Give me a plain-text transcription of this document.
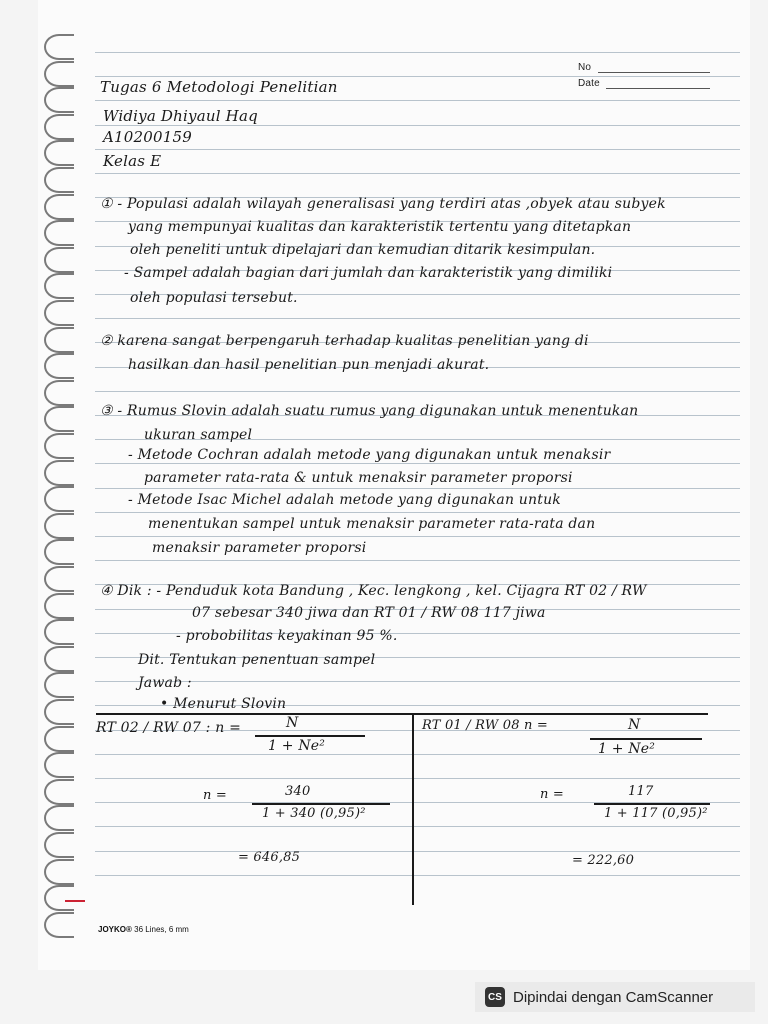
No
Date
Tugas 6 Metodologi Penelitian
Widiya Dhiyaul Haq
A10200159
Kelas E
① - Populasi adalah wilayah generalisasi yang terdiri atas ,obyek atau subyek
yang mempunyai kualitas dan karakteristik tertentu yang ditetapkan
oleh peneliti untuk dipelajari dan kemudian ditarik kesimpulan.
- Sampel adalah bagian dari jumlah dan karakteristik yang dimiliki
oleh populasi tersebut.
② karena sangat berpengaruh terhadap kualitas penelitian yang di
hasilkan dan hasil penelitian pun menjadi akurat.
③ - Rumus Slovin adalah suatu rumus yang digunakan untuk menentukan
ukuran sampel
- Metode Cochran adalah metode yang digunakan untuk menaksir
parameter rata-rata & untuk menaksir parameter proporsi
- Metode Isac Michel adalah metode yang digunakan untuk
menentukan sampel untuk menaksir parameter rata-rata dan
menaksir parameter proporsi
④ Dik : - Penduduk kota Bandung , Kec. lengkong , kel. Cijagra RT 02 / RW
07 sebesar 340 jiwa dan RT 01 / RW 08 117 jiwa
- probobilitas keyakinan 95 %.
Dit. Tentukan penentuan sampel
Jawab :
• Menurut Slovin
RT 02 / RW 07 : n =	N
1 + Ne²
n =	340
1 + 340 (0,95)²
= 646,85
RT 01 / RW 08 n =	N
1 + Ne²
n =	117
1 + 117 (0,95)²
= 222,60
JOYKO® 36 Lines, 6 mm
CS Dipindai dengan CamScanner
